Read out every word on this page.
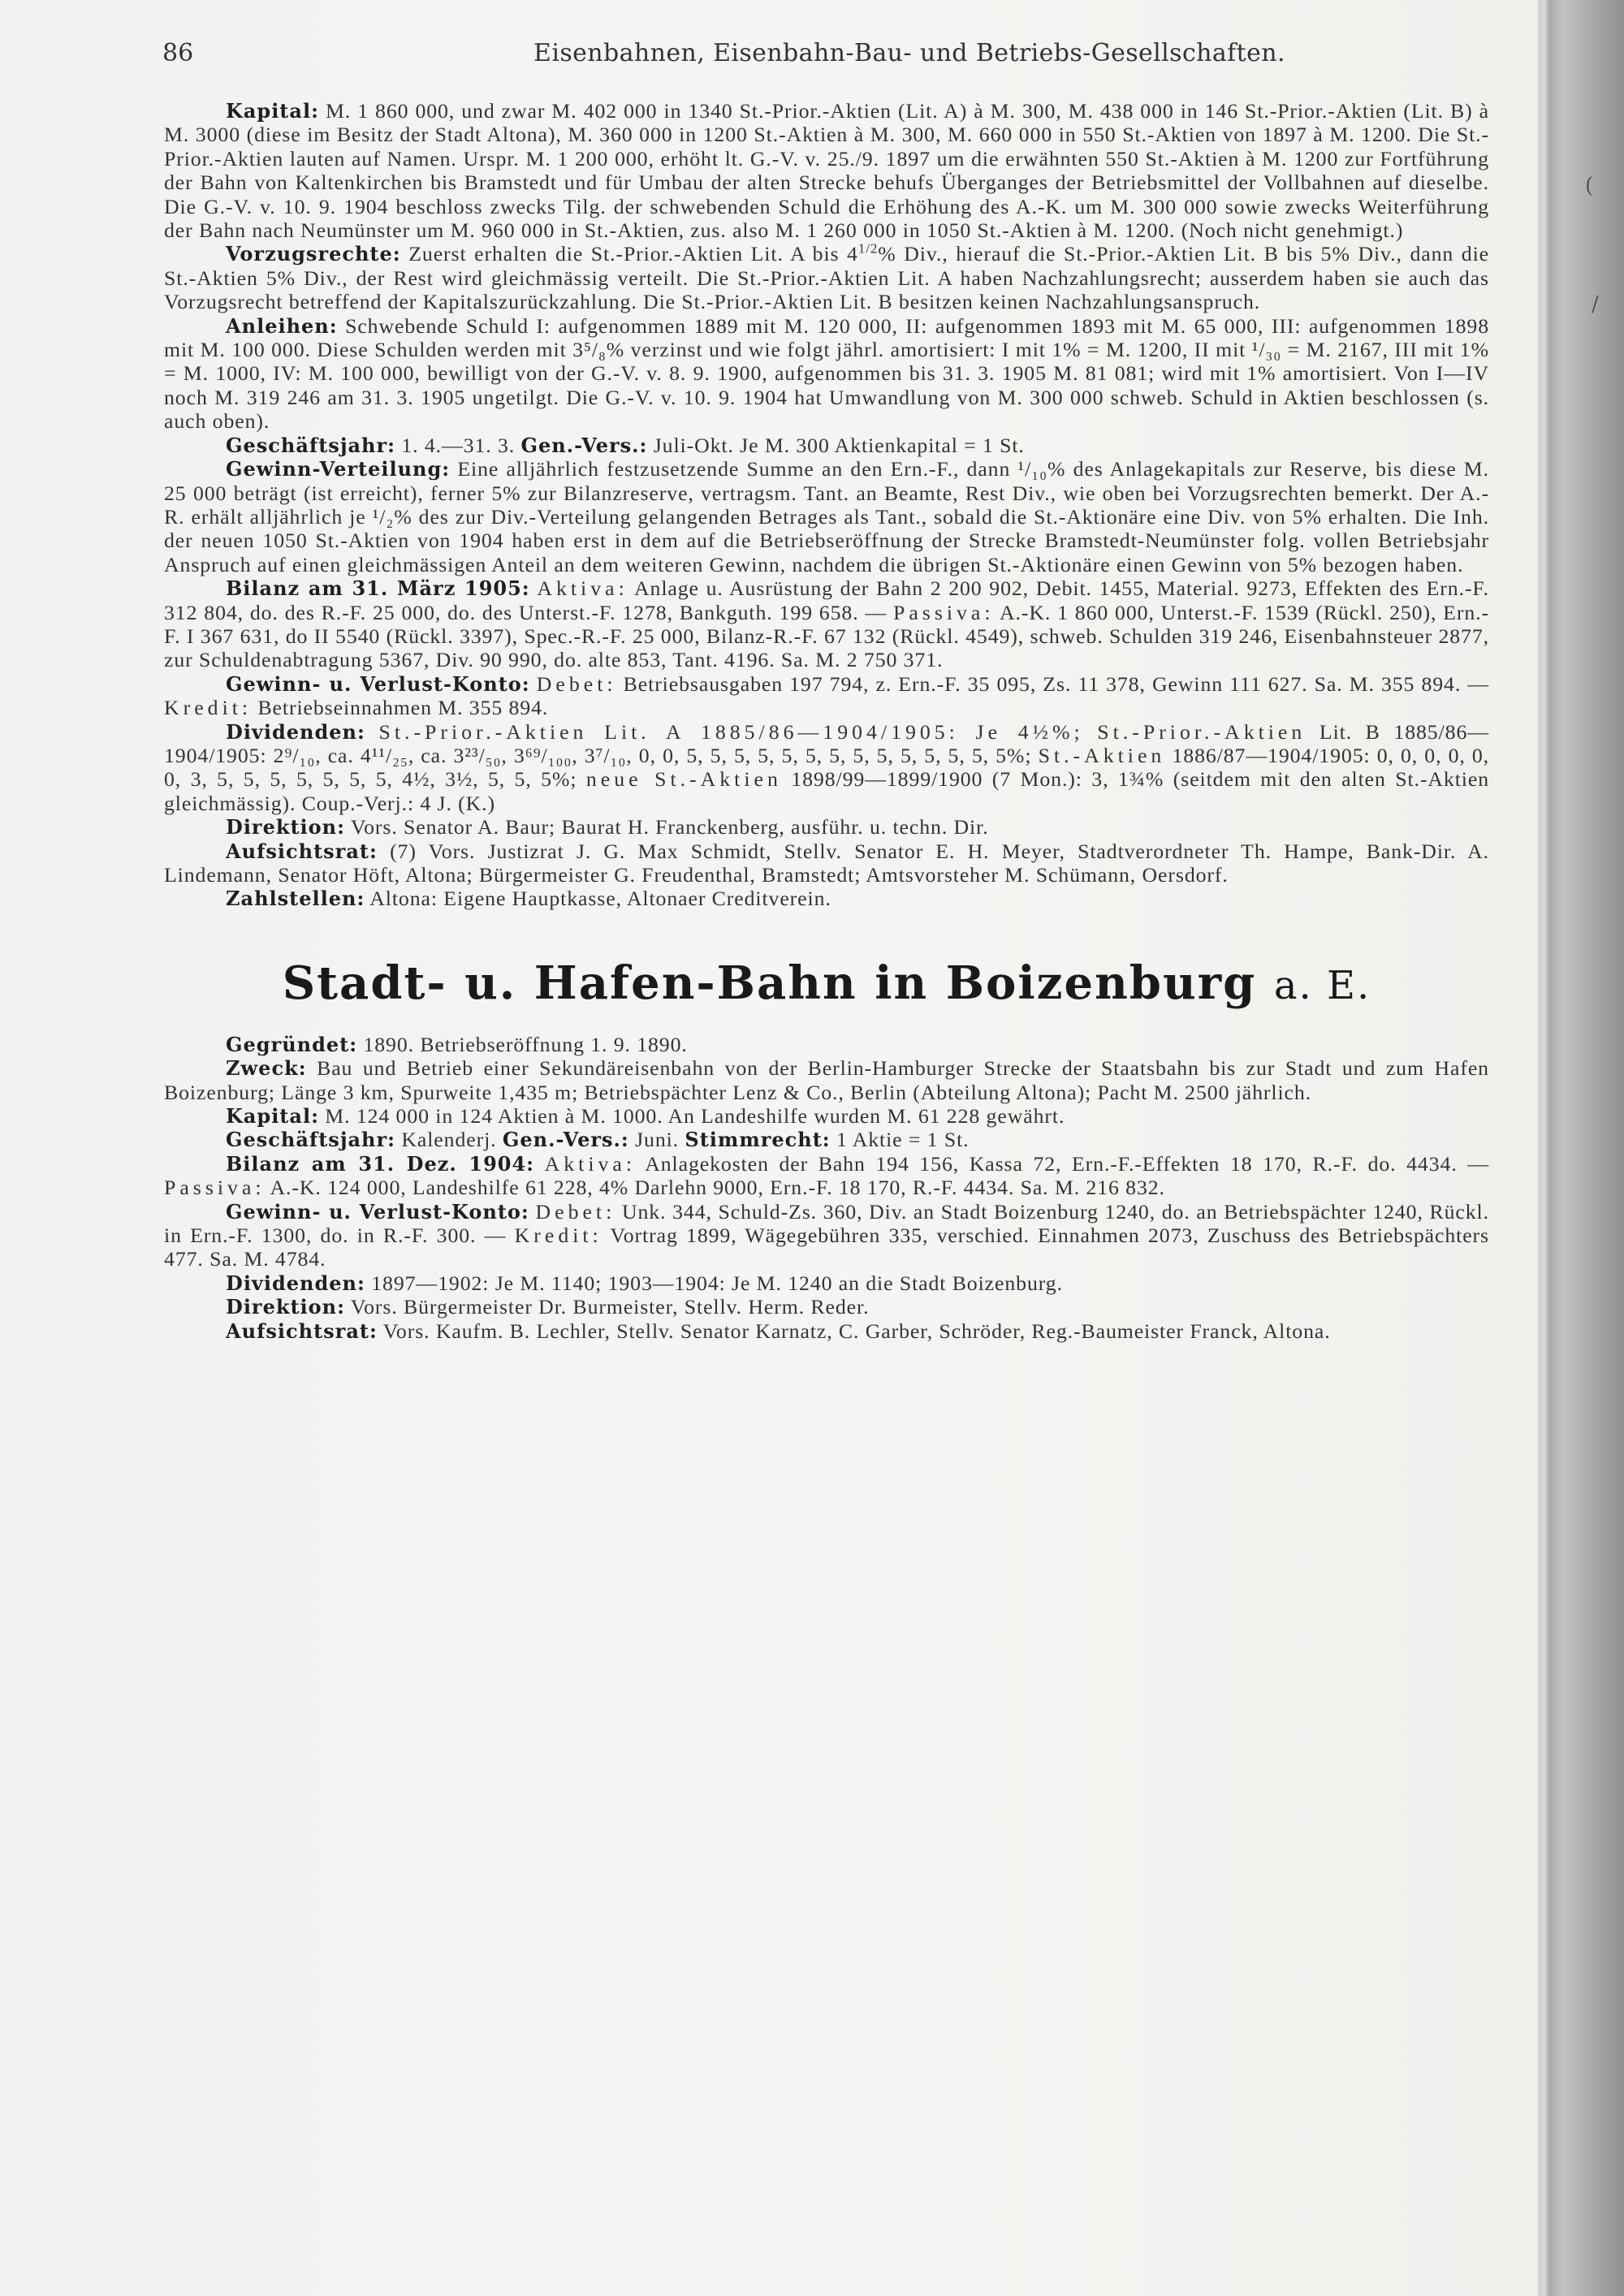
(
/
86	Eisenbahnen, Eisenbahn-Bau- und Betriebs-Gesellschaften.

Kapital: M. 1 860 000, und zwar M. 402 000 in 1340 St.-Prior.-Aktien (Lit. A) à M. 300, M. 438 000 in 146 St.-Prior.-Aktien (Lit. B) à M. 3000 (diese im Besitz der Stadt Altona), M. 360 000 in 1200 St.-Aktien à M. 300, M. 660 000 in 550 St.-Aktien von 1897 à M. 1200. Die St.-Prior.-Aktien lauten auf Namen. Urspr. M. 1 200 000, erhöht lt. G.-V. v. 25./9. 1897 um die erwähnten 550 St.-Aktien à M. 1200 zur Fortführung der Bahn von Kaltenkirchen bis Bramstedt und für Umbau der alten Strecke behufs Überganges der Betriebsmittel der Vollbahnen auf dieselbe. Die G.-V. v. 10. 9. 1904 beschloss zwecks Tilg. der schwebenden Schuld die Erhöhung des A.-K. um M. 300 000 sowie zwecks Weiterführung der Bahn nach Neumünster um M. 960 000 in St.-Aktien, zus. also M. 1 260 000 in 1050 St.-Aktien à M. 1200. (Noch nicht genehmigt.)

Vorzugsrechte: Zuerst erhalten die St.-Prior.-Aktien Lit. A bis $4^{1/2}\%$ Div., hierauf die St.-Prior.-Aktien Lit. B bis 5% Div., dann die St.-Aktien 5% Div., der Rest wird gleichmässig verteilt. Die St.-Prior.-Aktien Lit. A haben Nachzahlungsrecht; ausserdem haben sie auch das Vorzugsrecht betreffend der Kapitalszurückzahlung. Die St.-Prior.-Aktien Lit. B besitzen keinen Nachzahlungsanspruch.

Anleihen: Schwebende Schuld I: aufgenommen 1889 mit M. 120 000, II: aufgenommen 1893 mit M. 65 000, III: aufgenommen 1898 mit M. 100 000. Diese Schulden werden mit 3⁵/₈% verzinst und wie folgt jährl. amortisiert: I mit 1% = M. 1200, II mit ¹/₃₀ = M. 2167, III mit 1% = M. 1000, IV: M. 100 000, bewilligt von der G.-V. v. 8. 9. 1900, aufgenommen bis 31. 3. 1905 M. 81 081; wird mit 1% amortisiert. Von I—IV noch M. 319 246 am 31. 3. 1905 ungetilgt. Die G.-V. v. 10. 9. 1904 hat Umwandlung von M. 300 000 schweb. Schuld in Aktien beschlossen (s. auch oben).

Geschäftsjahr: 1. 4.—31. 3. Gen.-Vers.: Juli-Okt. Je M. 300 Aktienkapital = 1 St.

Gewinn-Verteilung: Eine alljährlich festzusetzende Summe an den Ern.-F., dann ¹/₁₀% des Anlagekapitals zur Reserve, bis diese M. 25 000 beträgt (ist erreicht), ferner 5% zur Bilanzreserve, vertragsm. Tant. an Beamte, Rest Div., wie oben bei Vorzugsrechten bemerkt. Der A.-R. erhält alljährlich je ¹/₂% des zur Div.-Verteilung gelangenden Betrages als Tant., sobald die St.-Aktionäre eine Div. von 5% erhalten. Die Inh. der neuen 1050 St.-Aktien von 1904 haben erst in dem auf die Betriebseröffnung der Strecke Bramstedt-Neumünster folg. vollen Betriebsjahr Anspruch auf einen gleichmässigen Anteil an dem weiteren Gewinn, nachdem die übrigen St.-Aktionäre einen Gewinn von 5% bezogen haben.

Bilanz am 31. März 1905: Aktiva: Anlage u. Ausrüstung der Bahn 2 200 902, Debit. 1455, Material. 9273, Effekten des Ern.-F. 312 804, do. des R.-F. 25 000, do. des Unterst.-F. 1278, Bankguth. 199 658. — Passiva: A.-K. 1 860 000, Unterst.-F. 1539 (Rückl. 250), Ern.-F. I 367 631, do II 5540 (Rückl. 3397), Spec.-R.-F. 25 000, Bilanz-R.-F. 67 132 (Rückl. 4549), schweb. Schulden 319 246, Eisenbahnsteuer 2877, zur Schuldenabtragung 5367, Div. 90 990, do. alte 853, Tant. 4196. Sa. M. 2 750 371.

Gewinn- u. Verlust-Konto: Debet: Betriebsausgaben 197 794, z. Ern.-F. 35 095, Zs. 11 378, Gewinn 111 627. Sa. M. 355 894. — Kredit: Betriebseinnahmen M. 355 894.

Dividenden: St.-Prior.-Aktien Lit. A 1885/86—1904/1905: Je 4½%; St.-Prior.-Aktien Lit. B 1885/86—1904/1905: 2⁹/₁₀, ca. 4¹¹/₂₅, ca. 3²³/₅₀, 3⁶⁹/₁₀₀, 3⁷/₁₀, 0, 0, 5, 5, 5, 5, 5, 5, 5, 5, 5, 5, 5, 5, 5, 5%; St.-Aktien 1886/87—1904/1905: 0, 0, 0, 0, 0, 0, 3, 5, 5, 5, 5, 5, 5, 5, 4½, 3½, 5, 5, 5%; neue St.-Aktien 1898/99—1899/1900 (7 Mon.): 3, 1¾% (seitdem mit den alten St.-Aktien gleichmässig). Coup.-Verj.: 4 J. (K.)

Direktion: Vors. Senator A. Baur; Baurat H. Franckenberg, ausführ. u. techn. Dir.

Aufsichtsrat: (7) Vors. Justizrat J. G. Max Schmidt, Stellv. Senator E. H. Meyer, Stadtverordneter Th. Hampe, Bank-Dir. A. Lindemann, Senator Höft, Altona; Bürgermeister G. Freudenthal, Bramstedt; Amtsvorsteher M. Schümann, Oersdorf.

Zahlstellen: Altona: Eigene Hauptkasse, Altonaer Creditverein.

Stadt- u. Hafen-Bahn in Boizenburg a. E.

Gegründet: 1890. Betriebseröffnung 1. 9. 1890.

Zweck: Bau und Betrieb einer Sekundäreisenbahn von der Berlin-Hamburger Strecke der Staatsbahn bis zur Stadt und zum Hafen Boizenburg; Länge 3 km, Spurweite 1,435 m; Betriebspächter Lenz & Co., Berlin (Abteilung Altona); Pacht M. 2500 jährlich.

Kapital: M. 124 000 in 124 Aktien à M. 1000. An Landeshilfe wurden M. 61 228 gewährt.

Geschäftsjahr: Kalenderj. Gen.-Vers.: Juni. Stimmrecht: 1 Aktie = 1 St.

Bilanz am 31. Dez. 1904: Aktiva: Anlagekosten der Bahn 194 156, Kassa 72, Ern.-F.-Effekten 18 170, R.-F. do. 4434. — Passiva: A.-K. 124 000, Landeshilfe 61 228, 4% Darlehn 9000, Ern.-F. 18 170, R.-F. 4434. Sa. M. 216 832.

Gewinn- u. Verlust-Konto: Debet: Unk. 344, Schuld-Zs. 360, Div. an Stadt Boizenburg 1240, do. an Betriebspächter 1240, Rückl. in Ern.-F. 1300, do. in R.-F. 300. — Kredit: Vortrag 1899, Wägegebühren 335, verschied. Einnahmen 2073, Zuschuss des Betriebspächters 477. Sa. M. 4784.

Dividenden: 1897—1902: Je M. 1140; 1903—1904: Je M. 1240 an die Stadt Boizenburg.

Direktion: Vors. Bürgermeister Dr. Burmeister, Stellv. Herm. Reder.

Aufsichtsrat: Vors. Kaufm. B. Lechler, Stellv. Senator Karnatz, C. Garber, Schröder, Reg.-Baumeister Franck, Altona.
